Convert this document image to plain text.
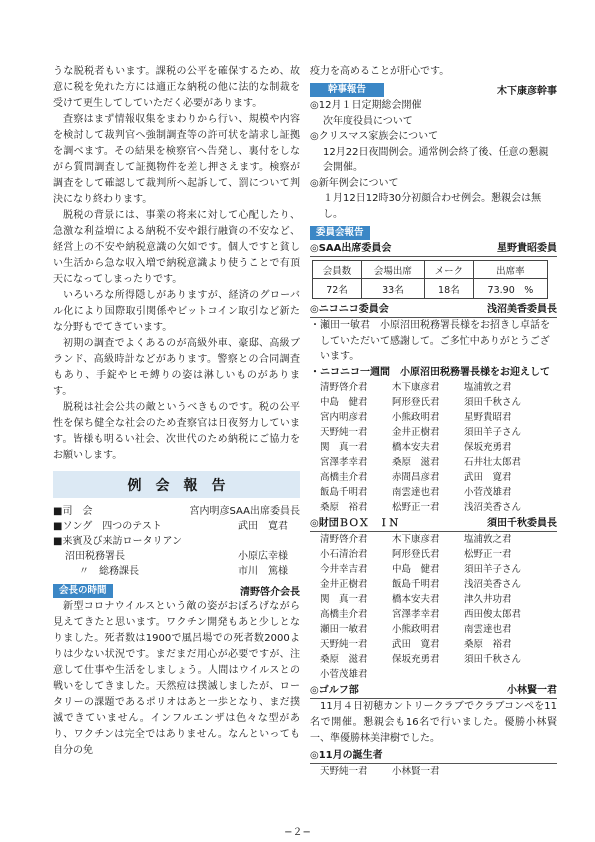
うな脱税者もいます。課税の公平を確保するため、故意に税を免れた方には適正な納税の他に法的な制裁を受けて更生してしていただく必要があります。

査察はまず情報収集をまわりから行い、規模や内容を検討して裁判官へ強制調査等の許可状を請求し証拠を調べます。その結果を検察官へ告発し、裏付をしながら質問調査して証拠物件を差し押さえます。検察が調査をして確認して裁判所へ起訴して、罰について判決になり終わります。

脱税の背景には、事業の将来に対して心配したり、急激な利益増による納税不安や銀行融資の不安など、経営上の不安や納税意識の欠如です。個人ですと貧しい生活から急な収入増で納税意識より使うことで有頂天になってしまったりです。

いろいろな所得隠しがありますが、経済のグローバル化により国際取引関係やビットコイン取引など新たな分野もでてきています。

初期の調査でよくあるのが高級外車、豪邸、高級ブランド、高級時計などがあります。警察との合同調査もあり、手錠やヒモ縛りの姿は淋しいものがあります。

脱税は社会公共の敵というべきものです。税の公平性を保ち健全な社会のため査察官は日夜努力しています。皆様も明るい社会、次世代のため納税にご協力をお願いします。

例会報告
■司　会	宮内明彦SAA出席委員長
■ソング　四つのテスト	武田　寛君
■来賓及び来訪ロータリアン
沼田税務署長	小原広幸様
〃　総務課長	市川　篤様
会長の時間	清野啓介会長

新型コロナウイルスという敵の姿がおぼろげながら見えてきたと思います。ワクチン開発もあと少しとなりました。死者数は1900で風呂場での死者数2000よりは少ない状況です。まだまだ用心が必要ですが、注意して仕事や生活をしましょう。人間はウイルスとの戦いをしてきました。天然痘は撲滅しましたが、ロータリーの課題であるポリオはあと一歩となり、まだ撲滅できていません。インフルエンザは色々な型があり、ワクチンは完全ではありません。なんといっても自分の免

疫力を高めることが肝心です。

幹事報告	木下康彦幹事
◎12月１日定期総会開催
次年度役員について
◎クリスマス家族会について
12月22日夜間例会。通常例会終了後、任意の懇親会開催。
◎新年例会について
１月12日12時30分初顔合わせ例会。懇親会は無し。
委員会報告
◎SAA出席委員会	星野貴昭委員
会員数	会場出席	メーク	出席率
72名	33名	18名	73.90　%
◎ニコニコ委員会	浅沼美香委員長
・瀬田一敏君　小原沼田税務署長様をお招きし卓話をしていただいて感謝して。ご多忙中ありがとうございます。
・ニコニコ一週間　小原沼田税務署長様をお迎えして
清野啓介君	木下康彦君	塩浦敦之君
中島　健君	阿形登氏君	須田千秋さん
宮内明彦君	小熊政明君	星野貴昭君
天野純一君	金井正樹君	須田羊子さん
関　真一君	橋本安夫君	保坂充勇君
宮澤孝幸君	桑原　滋君	石井壮太郎君
高橋圭介君	赤間昌彦君	武田　寛君
飯島千明君	南雲達也君	小菅茂雄君
桑原　裕君	松野正一君	浅沼美香さん
◎財団ＢＯＸ　ＩＮ	須田千秋委員長
清野啓介君	木下康彦君	塩浦敦之君
小石清治君	阿形登氏君	松野正一君
今井幸吉君	中島　健君	須田羊子さん
金井正樹君	飯島千明君	浅沼美香さん
関　真一君	橋本安夫君	津久井功君
高橋圭介君	宮澤孝幸君	西田俊太郎君
瀬田一敏君	小熊政明君	南雲達也君
天野純一君	武田　寛君	桑原　裕君
桑原　滋君	保坂充勇君	須田千秋さん
小菅茂雄君
◎ゴルフ部	小林賢一君

11月４日初穂カントリークラブでクラブコンペを11名で開催。懇親会も16名で行いました。優勝小林賢一、準優勝林美津樹でした。

◎11月の誕生者
天野純一君	小林賢一君
−２−
